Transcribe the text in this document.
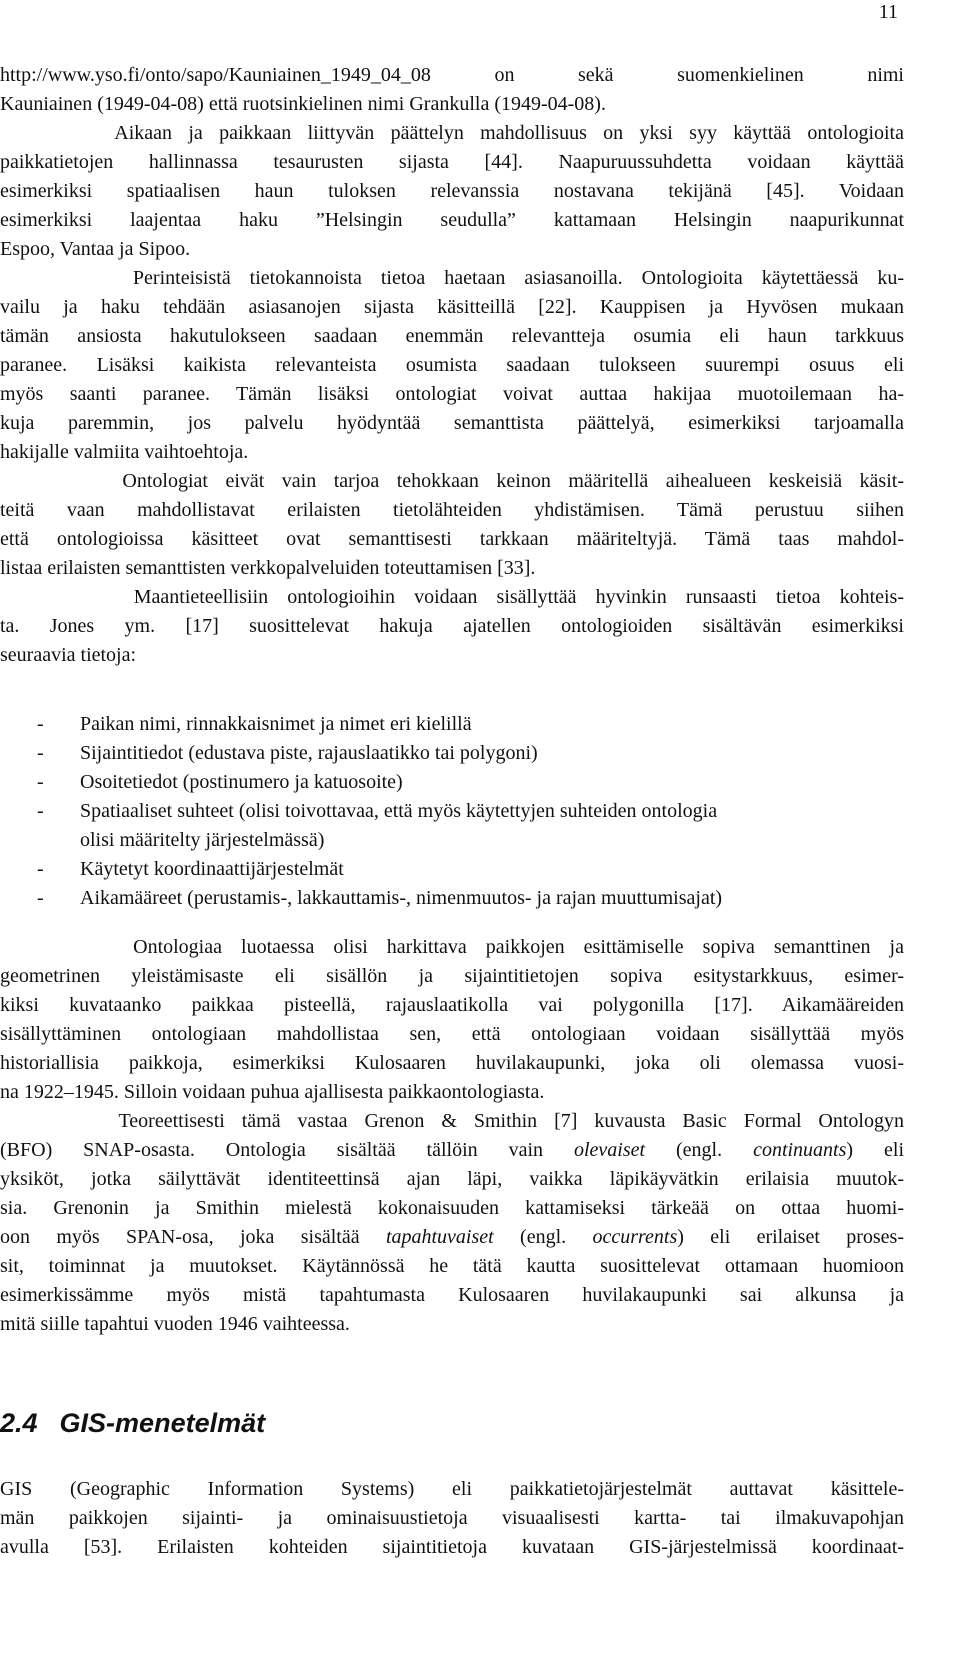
11
http://www.yso.fi/onto/sapo/Kauniainen_1949_04_08 on sekä suomenkielinen nimi
Kauniainen (1949-04-08) että ruotsinkielinen nimi Grankulla (1949-04-08).
Aikaan ja paikkaan liittyvän päättelyn mahdollisuus on yksi syy käyttää ontologioita
paikkatietojen hallinnassa tesaurusten sijasta [44]. Naapuruussuhdetta voidaan käyttää
esimerkiksi spatiaalisen haun tuloksen relevanssia nostavana tekijänä [45]. Voidaan
esimerkiksi laajentaa haku ”Helsingin seudulla” kattamaan Helsingin naapurikunnat
Espoo, Vantaa ja Sipoo.
Perinteisistä tietokannoista tietoa haetaan asiasanoilla. Ontologioita käytettäessä ku-
vailu ja haku tehdään asiasanojen sijasta käsitteillä [22]. Kauppisen ja Hyvösen mukaan
tämän ansiosta hakutulokseen saadaan enemmän relevantteja osumia eli haun tarkkuus
paranee. Lisäksi kaikista relevanteista osumista saadaan tulokseen suurempi osuus eli
myös saanti paranee. Tämän lisäksi ontologiat voivat auttaa hakijaa muotoilemaan ha-
kuja paremmin, jos palvelu hyödyntää semanttista päättelyä, esimerkiksi tarjoamalla
hakijalle valmiita vaihtoehtoja.
Ontologiat eivät vain tarjoa tehokkaan keinon määritellä aihealueen keskeisiä käsit-
teitä vaan mahdollistavat erilaisten tietolähteiden yhdistämisen. Tämä perustuu siihen
että ontologioissa käsitteet ovat semanttisesti tarkkaan määriteltyjä. Tämä taas mahdol-
listaa erilaisten semanttisten verkkopalveluiden toteuttamisen [33].
Maantieteellisiin ontologioihin voidaan sisällyttää hyvinkin runsaasti tietoa kohteis-
ta. Jones ym. [17] suosittelevat hakuja ajatellen ontologioiden sisältävän esimerkiksi
seuraavia tietoja:
Ontologiaa luotaessa olisi harkittava paikkojen esittämiselle sopiva semanttinen ja
geometrinen yleistämisaste eli sisällön ja sijaintitietojen sopiva esitystarkkuus, esimer-
kiksi kuvataanko paikkaa pisteellä, rajauslaatikolla vai polygonilla [17]. Aikamääreiden
sisällyttäminen ontologiaan mahdollistaa sen, että ontologiaan voidaan sisällyttää myös
historiallisia paikkoja, esimerkiksi Kulosaaren huvilakaupunki, joka oli olemassa vuosi-
na 1922–1945. Silloin voidaan puhua ajallisesta paikkaontologiasta.
Teoreettisesti tämä vastaa Grenon & Smithin [7] kuvausta Basic Formal Ontologyn
sia. Grenonin ja Smithin mielestä kokonaisuuden kattamiseksi tärkeää on ottaa huomi-
sit, toiminnat ja muutokset. Käytännössä he tätä kautta suosittelevat ottamaan huomioon
esimerkissämme myös mistä tapahtumasta Kulosaaren huvilakaupunki sai alkunsa ja
mitä siille tapahtui vuoden 1946 vaihteessa.
GIS (Geographic Information Systems) eli paikkatietojärjestelmät auttavat käsittele-
män paikkojen sijainti- ja ominaisuustietoja visuaalisesti kartta- tai ilmakuvapohjan
avulla [53]. Erilaisten kohteiden sijaintitietoja kuvataan GIS-järjestelmissä koordinaat-
(BFO) SNAP-osasta. Ontologia sisältää tällöin vain olevaiset (engl. continuants) eli
yksiköt, jotka säilyttävät identiteettinsä ajan läpi, vaikka läpikäyvätkin erilaisia muutok-
oon myös SPAN-osa, joka sisältää tapahtuvaiset (engl. occurrents) eli erilaiset proses-
- Paikan nimi, rinnakkaisnimet ja nimet eri kielillä
- Sijaintitiedot (edustava piste, rajauslaatikko tai polygoni)
- Osoitetiedot (postinumero ja katuosoite)
- Spatiaaliset suhteet (olisi toivottavaa, että myös käytettyjen suhteiden ontologia
olisi määritelty järjestelmässä)
- Käytetyt koordinaattijärjestelmät
- Aikamääreet (perustamis-, lakkauttamis-, nimenmuutos- ja rajan muuttumisajat)
2.4 GIS-menetelmät
